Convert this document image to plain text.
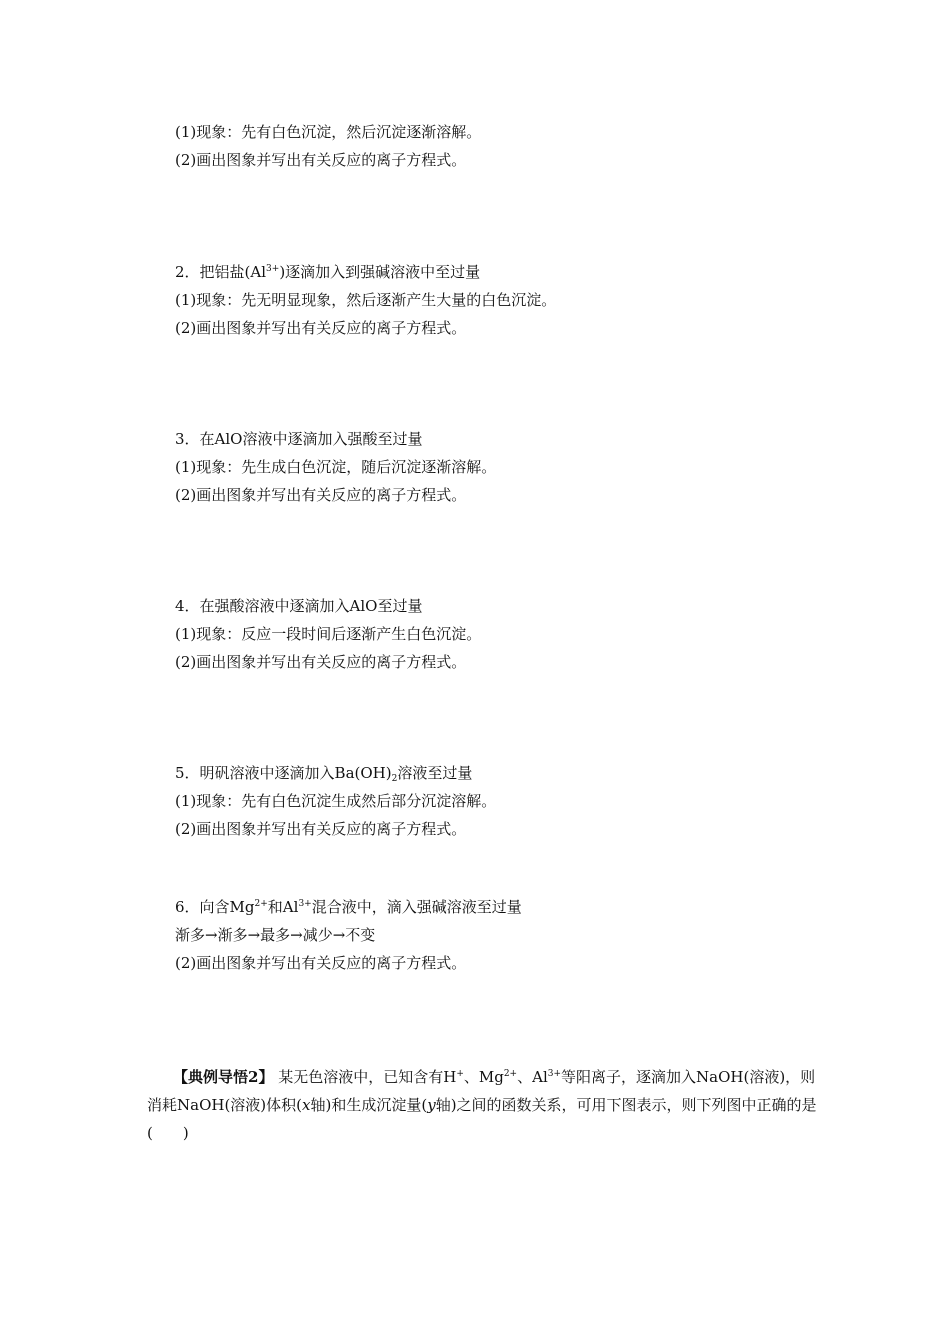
(1)现象：先有白色沉淀，然后沉淀逐渐溶解。
(2)画出图象并写出有关反应的离子方程式。
2．把铝盐$(Al^{3+})$逐滴加入到强碱溶液中至过量
(1)现象：先无明显现象，然后逐渐产生大量的白色沉淀。
(2)画出图象并写出有关反应的离子方程式。
3．在AlO溶液中逐滴加入强酸至过量
(1)现象：先生成白色沉淀，随后沉淀逐渐溶解。
(2)画出图象并写出有关反应的离子方程式。
4．在强酸溶液中逐滴加入AlO至过量
(1)现象：反应一段时间后逐渐产生白色沉淀。
(2)画出图象并写出有关反应的离子方程式。
5．明矾溶液中逐滴加入$Ba(OH)_2$溶液至过量
(1)现象：先有白色沉淀生成然后部分沉淀溶解。
(2)画出图象并写出有关反应的离子方程式。
6．向含$Mg^{2+}$和$Al^{3+}$混合液中，滴入强碱溶液至过量
渐多→渐多→最多→减少→不变
(2)画出图象并写出有关反应的离子方程式。
【典例导悟2】 某无色溶液中，已知含有H+、$Mg^{2+}$、$Al^{3+}$等阳离子，逐滴加入NaOH(溶液)，则消耗NaOH(溶液)体积(x轴)和生成沉淀量(y轴)之间的函数关系，可用下图表示，则下列图中正确的是(　　)
